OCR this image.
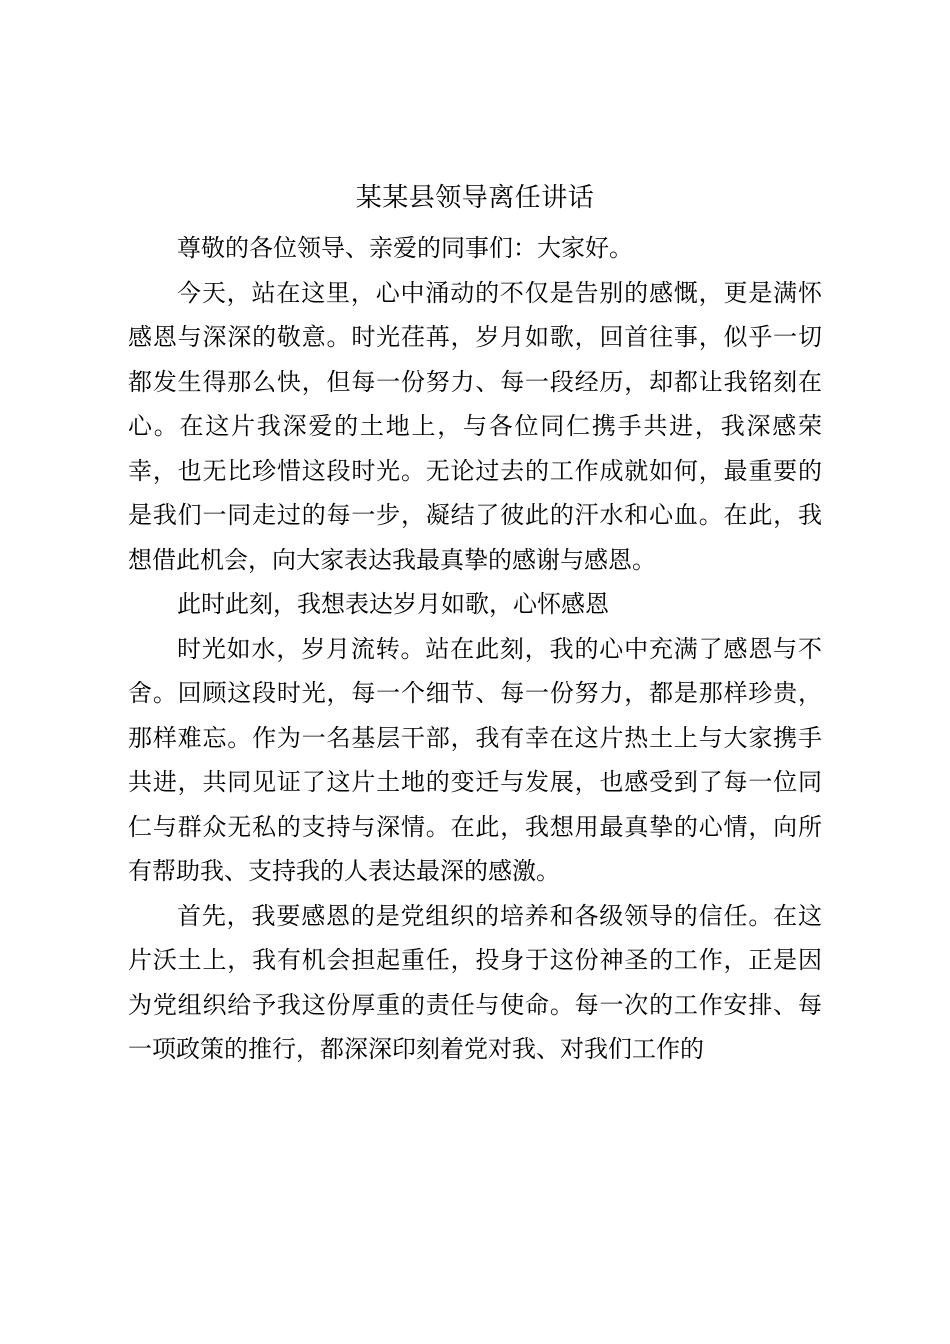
某某县领导离任讲话

尊敬的各位领导、亲爱的同事们：大家好。

今天，站在这里，心中涌动的不仅是告别的感慨，更是满怀感恩与深深的敬意。时光荏苒，岁月如歌，回首往事，似乎一切都发生得那么快，但每一份努力、每一段经历，却都让我铭刻在心。在这片我深爱的土地上，与各位同仁携手共进，我深感荣幸，也无比珍惜这段时光。无论过去的工作成就如何，最重要的是我们一同走过的每一步，凝结了彼此的汗水和心血。在此，我想借此机会，向大家表达我最真挚的感谢与感恩。

此时此刻，我想表达岁月如歌，心怀感恩

时光如水，岁月流转。站在此刻，我的心中充满了感恩与不舍。回顾这段时光，每一个细节、每一份努力，都是那样珍贵，那样难忘。作为一名基层干部，我有幸在这片热土上与大家携手共进，共同见证了这片土地的变迁与发展，也感受到了每一位同仁与群众无私的支持与深情。在此，我想用最真挚的心情，向所有帮助我、支持我的人表达最深的感激。

首先，我要感恩的是党组织的培养和各级领导的信任。在这片沃土上，我有机会担起重任，投身于这份神圣的工作，正是因为党组织给予我这份厚重的责任与使命。每一次的工作安排、每一项政策的推行，都深深印刻着党对我、对我们工作的
